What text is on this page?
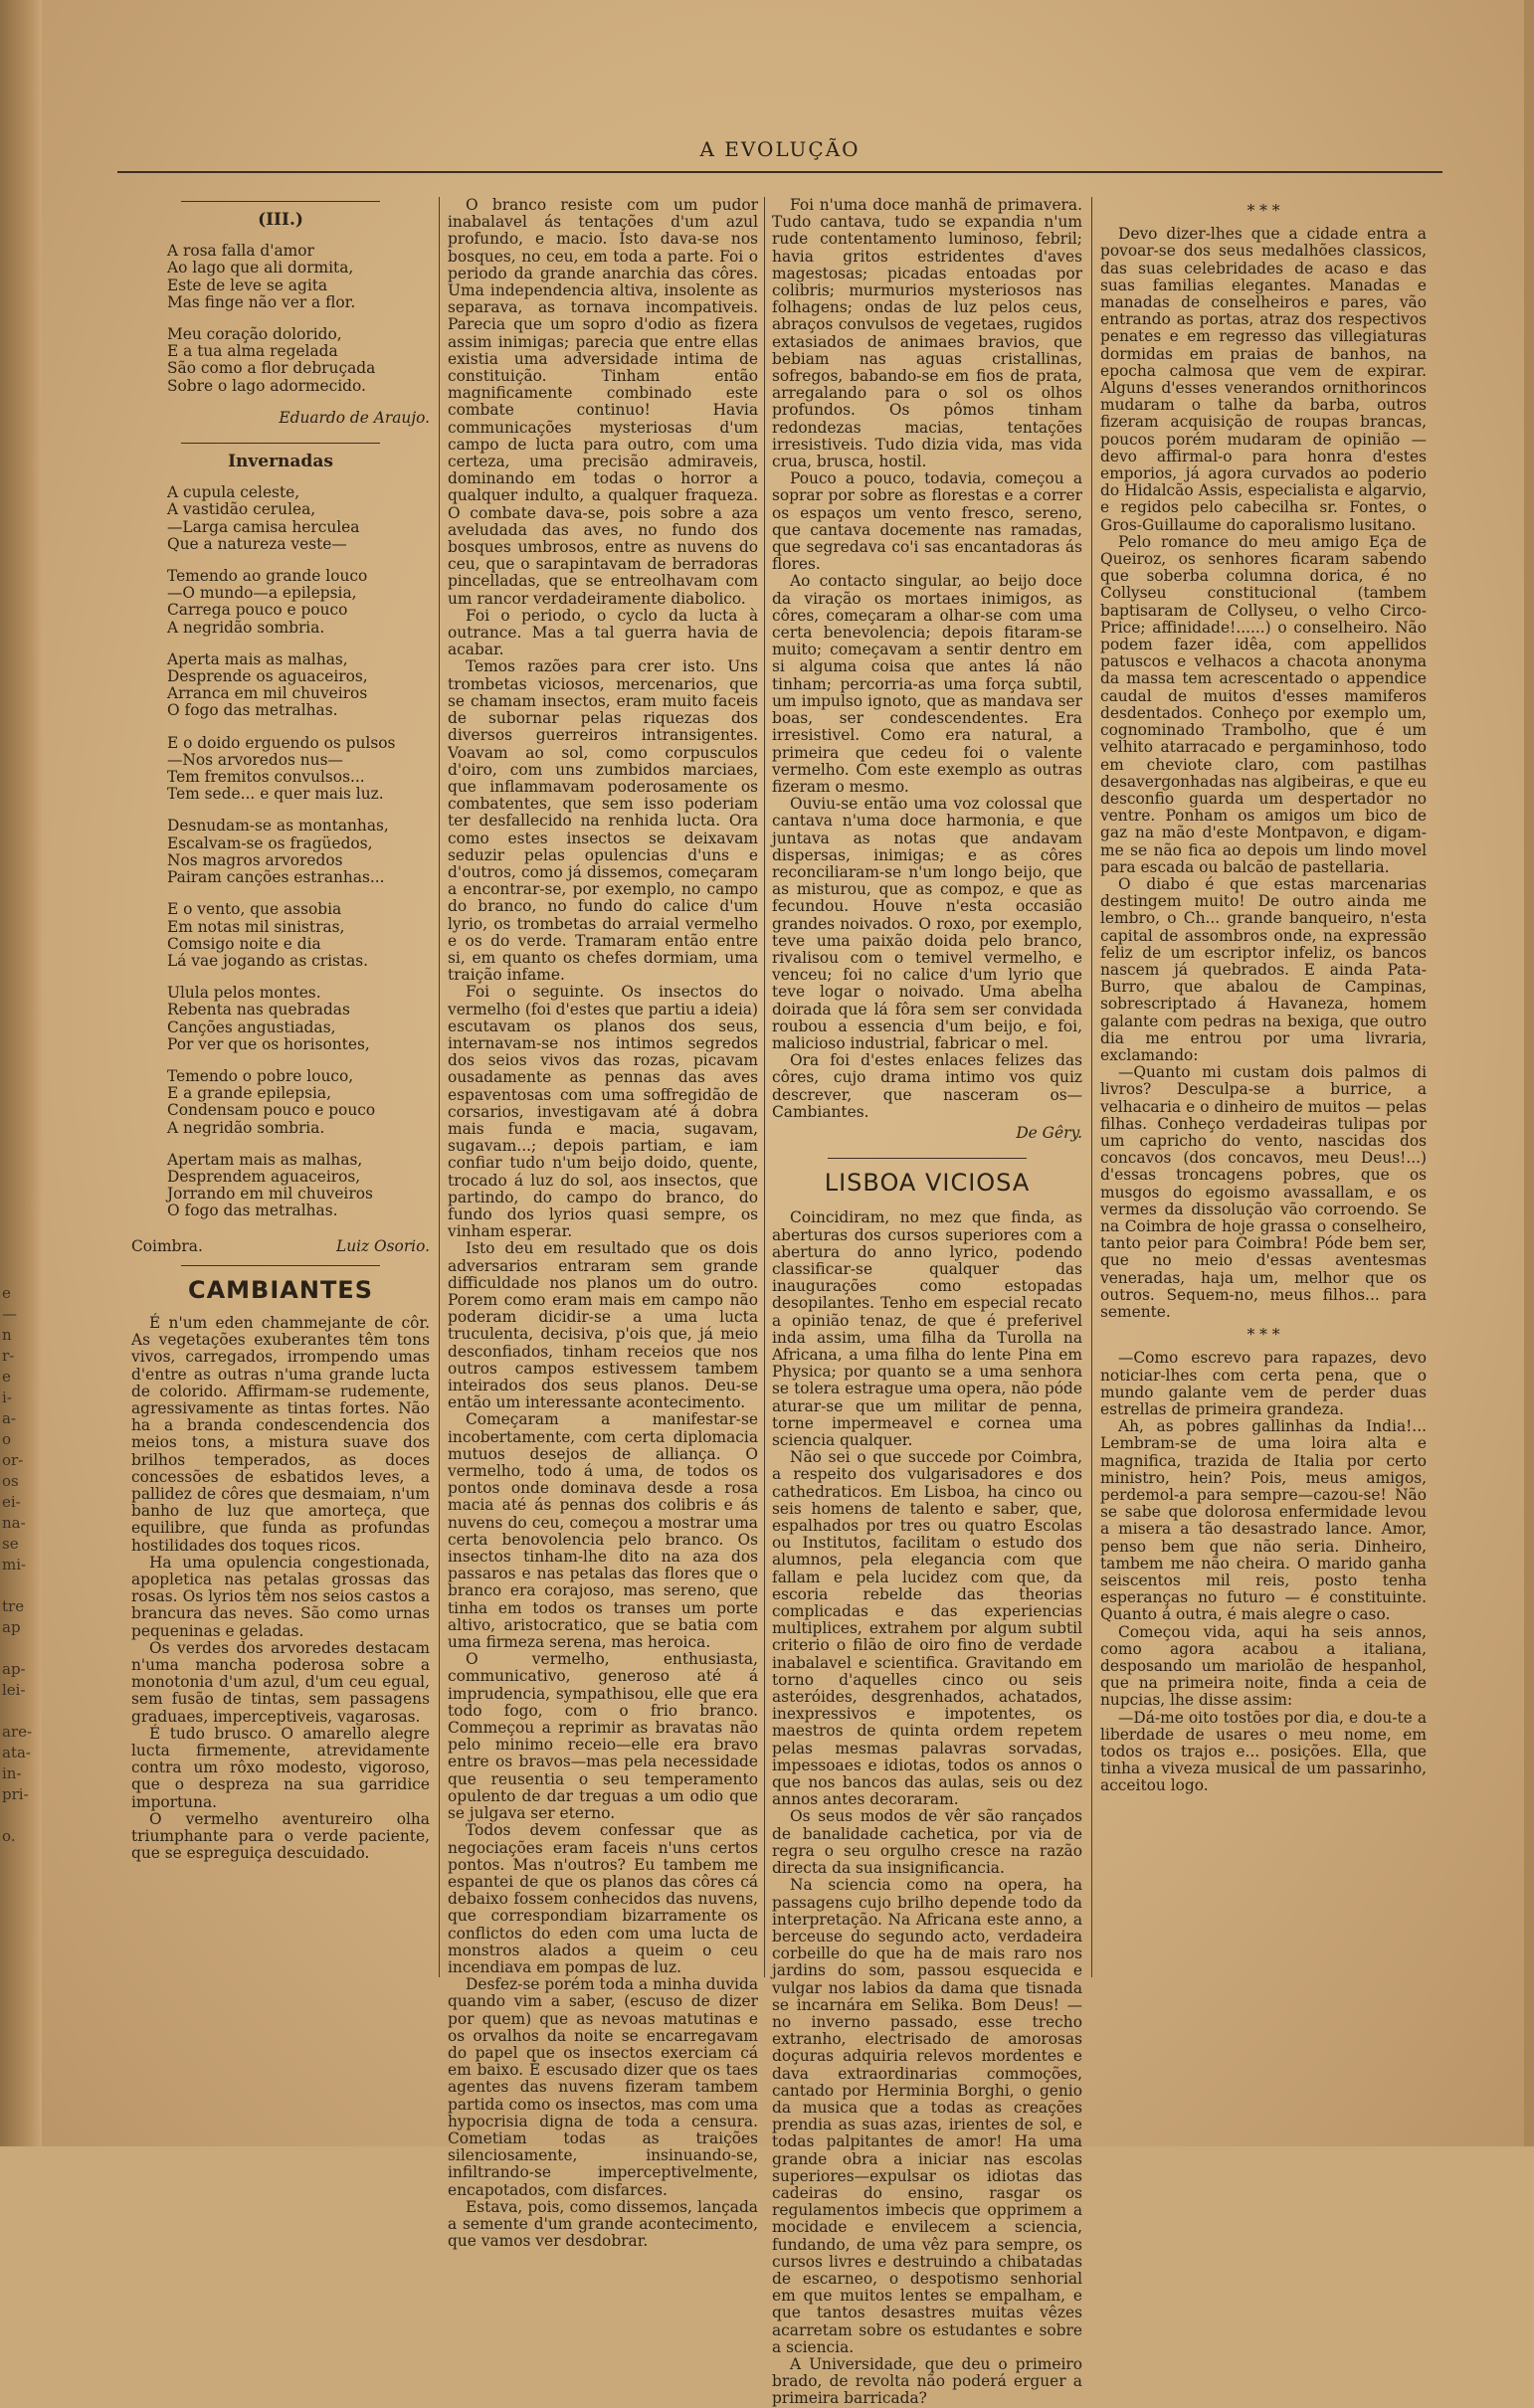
e
—
n
r-
e
i-
a-
o
or-
os
ei-
na-
se
mi-
tre
ap
ap-
lei-
are-
ata-
in-
pri-
o.
A EVOLUÇÃO
(III.)
A rosa falla d'amor
Ao lago que ali dormita,
Este de leve se agita
Mas finge não ver a flor.
Meu coração dolorido,
E a tua alma regelada
São como a flor debruçada
Sobre o lago adormecido.
Eduardo de Araujo.
Invernadas
A cupula celeste,
A vastidão cerulea,
—Larga camisa herculea
Que a natureza veste—
Temendo ao grande louco
—O mundo—a epilepsia,
Carrega pouco e pouco
A negridão sombria.
Aperta mais as malhas,
Desprende os aguaceiros,
Arranca em mil chuveiros
O fogo das metralhas.
E o doido erguendo os pulsos
—Nos arvoredos nus—
Tem fremitos convulsos...
Tem sede... e quer mais luz.
Desnudam-se as montanhas,
Escalvam-se os fragüedos,
Nos magros arvoredos
Pairam canções estranhas...
E o vento, que assobia
Em notas mil sinistras,
Comsigo noite e dia
Lá vae jogando as cristas.
Ulula pelos montes.
Rebenta nas quebradas
Canções angustiadas,
Por ver que os horisontes,
Temendo o pobre louco,
E a grande epilepsia,
Condensam pouco e pouco
A negridão sombria.
Apertam mais as malhas,
Desprendem aguaceiros,
Jorrando em mil chuveiros
O fogo das metralhas.
Coimbra.	Luiz Osorio.
CAMBIANTES

É n'um eden chammejante de côr. As vegetações exuberantes têm tons vivos, carregados, irrompendo umas d'entre as outras n'uma grande lucta de colorido. Affirmam-se rudemente, agressivamente as tintas fortes. Não ha a branda condescendencia dos meios tons, a mistura suave dos brilhos temperados, as doces concessões de esbatidos leves, a pallidez de côres que desmaiam, n'um banho de luz que amorteça, que equilibre, que funda as profundas hostilidades dos toques ricos.

Ha uma opulencia congestionada, apopletica nas petalas grossas das rosas. Os lyrios têm nos seios castos a brancura das neves. São como urnas pequeninas e geladas.

Os verdes dos arvoredes destacam n'uma mancha poderosa sobre a monotonia d'um azul, d'um ceu egual, sem fusão de tintas, sem passagens graduaes, imperceptiveis, vagarosas.

É tudo brusco. O amarello alegre lucta firmemente, atrevidamente contra um rôxo modesto, vigoroso, que o despreza na sua garridice importuna.

O vermelho aventureiro olha triumphante para o verde paciente, que se espreguiça descuidado.

O branco resiste com um pudor inabalavel ás tentações d'um azul profundo, e macio. Isto dava-se nos bosques, no ceu, em toda a parte. Foi o periodo da grande anarchia das côres. Uma independencia altiva, insolente as separava, as tornava incompativeis. Parecia que um sopro d'odio as fizera assim inimigas; parecia que entre ellas existia uma adversidade intima de constituição. Tinham então magnificamente combinado este combate continuo! Havia communicações mysteriosas d'um campo de lucta para outro, com uma certeza, uma precisão admiraveis, dominando em todas o horror a qualquer indulto, a qualquer fraqueza. O combate dava-se, pois sobre a aza aveludada das aves, no fundo dos bosques umbrosos, entre as nuvens do ceu, que o sarapintavam de berradoras pincelladas, que se entreolhavam com um rancor verdadeiramente diabolico.

Foi o periodo, o cyclo da lucta à outrance. Mas a tal guerra havia de acabar.

Temos razões para crer isto. Uns trombetas viciosos, mercenarios, que se chamam insectos, eram muito faceis de subornar pelas riquezas dos diversos guerreiros intransigentes. Voavam ao sol, como corpusculos d'oiro, com uns zumbidos marciaes, que inflammavam poderosamente os combatentes, que sem isso poderiam ter desfallecido na renhida lucta. Ora como estes insectos se deixavam seduzir pelas opulencias d'uns e d'outros, como já dissemos, começaram a encontrar-se, por exemplo, no campo do branco, no fundo do calice d'um lyrio, os trombetas do arraial vermelho e os do verde. Tramaram então entre si, em quanto os chefes dormiam, uma traição infame.

Foi o seguinte. Os insectos do vermelho (foi d'estes que partiu a ideia) escutavam os planos dos seus, internavam-se nos intimos segredos dos seios vivos das rozas, picavam ousadamente as pennas das aves espaventosas com uma soffregidão de corsarios, investigavam até á dobra mais funda e macia, sugavam, sugavam...; depois partiam, e iam confiar tudo n'um beijo doido, quente, trocado á luz do sol, aos insectos, que partindo, do campo do branco, do fundo dos lyrios quasi sempre, os vinham esperar.

Isto deu em resultado que os dois adversarios entraram sem grande difficuldade nos planos um do outro. Porem como eram mais em campo não poderam dicidir-se a uma lucta truculenta, decisiva, p'ois que, já meio desconfiados, tinham receios que nos outros campos estivessem tambem inteirados dos seus planos. Deu-se então um interessante acontecimento.

Começaram a manifestar-se incobertamente, com certa diplomacia mutuos desejos de alliança. O vermelho, todo á uma, de todos os pontos onde dominava desde a rosa macia até ás pennas dos colibris e ás nuvens do ceu, começou a mostrar uma certa benovolencia pelo branco. Os insectos tinham-lhe dito na aza dos passaros e nas petalas das flores que o branco era corajoso, mas sereno, que tinha em todos os transes um porte altivo, aristocratico, que se batia com uma firmeza serena, mas heroica.

O vermelho, enthusiasta, communicativo, generoso até á imprudencia, sympathisou, elle que era todo fogo, com o frio branco. Commeçou a reprimir as bravatas não pelo minimo receio—elle era bravo entre os bravos—mas pela necessidade que reusentia o seu temperamento opulento de dar treguas a um odio que se julgava ser eterno.

Todos devem confessar que as negociações eram faceis n'uns certos pontos. Mas n'outros? Eu tambem me espantei de que os planos das côres cá debaixo fossem conhecidos das nuvens, que correspondiam bizarramente os conflictos do eden com uma lucta de monstros alados a queim o ceu incendiava em pompas de luz.

Desfez-se porém toda a minha duvida quando vim a saber, (escuso de dizer por quem) que as nevoas matutinas e os orvalhos da noite se encarregavam do papel que os insectos exerciam cá em baixo. É escusado dizer que os taes agentes das nuvens fizeram tambem partida como os insectos, mas com uma hypocrisia digna de toda a censura. Cometiam todas as traições silenciosamente, insinuando-se, infiltrando-se imperceptivelmente, encapotados, com disfarces.

Estava, pois, como dissemos, lançada a semente d'um grande acontecimento, que vamos ver desdobrar.

Foi n'uma doce manhã de primavera. Tudo cantava, tudo se expandia n'um rude contentamento luminoso, febril; havia gritos estridentes d'aves magestosas; picadas entoadas por colibris; murmurios mysteriosos nas folhagens; ondas de luz pelos ceus, abraços convulsos de vegetaes, rugidos extasiados de animaes bravios, que bebiam nas aguas cristallinas, sofregos, babando-se em fios de prata, arregalando para o sol os olhos profundos. Os pômos tinham redondezas macias, tentações irresistiveis. Tudo dizia vida, mas vida crua, brusca, hostil.

Pouco a pouco, todavia, começou a soprar por sobre as florestas e a correr os espaços um vento fresco, sereno, que cantava docemente nas ramadas, que segredava co'i sas encantadoras ás flores.

Ao contacto singular, ao beijo doce da viração os mortaes inimigos, as côres, começaram a olhar-se com uma certa benevolencia; depois fitaram-se muito; começavam a sentir dentro em si alguma coisa que antes lá não tinham; percorria-as uma força subtil, um impulso ignoto, que as mandava ser boas, ser condescendentes. Era irresistivel. Como era natural, a primeira que cedeu foi o valente vermelho. Com este exemplo as outras fizeram o mesmo.

Ouviu-se então uma voz colossal que cantava n'uma doce harmonia, e que juntava as notas que andavam dispersas, inimigas; e as côres reconciliaram-se n'um longo beijo, que as misturou, que as compoz, e que as fecundou. Houve n'esta occasião grandes noivados. O roxo, por exemplo, teve uma paixão doida pelo branco, rivalisou com o temivel vermelho, e venceu; foi no calice d'um lyrio que teve logar o noivado. Uma abelha doirada que lá fôra sem ser convidada roubou a essencia d'um beijo, e foi, malicioso industrial, fabricar o mel.

Ora foi d'estes enlaces felizes das côres, cujo drama intimo vos quiz descrever, que nasceram os—Cambiantes.

De Gêry.
LISBOA VICIOSA

Coincidiram, no mez que finda, as aberturas dos cursos superiores com a abertura do anno lyrico, podendo classificar-se qualquer das inaugurações como estopadas desopilantes. Tenho em especial recato a opinião tenaz, de que é preferivel inda assim, uma filha da Turolla na Africana, a uma filha do lente Pina em Physica; por quanto se a uma senhora se tolera estrague uma opera, não póde aturar-se que um militar de penna, torne impermeavel e cornea uma sciencia qualquer.

Não sei o que succede por Coimbra, a respeito dos vulgarisadores e dos cathedraticos. Em Lisboa, ha cinco ou seis homens de talento e saber, que, espalhados por tres ou quatro Escolas ou Institutos, facilitam o estudo dos alumnos, pela elegancia com que fallam e pela lucidez com que, da escoria rebelde das theorias complicadas e das experiencias multiplices, extrahem por algum subtil criterio o filão de oiro fino de verdade inabalavel e scientifica. Gravitando em torno d'aquelles cinco ou seis asteróides, desgrenhados, achatados, inexpressivos e impotentes, os maestros de quinta ordem repetem pelas mesmas palavras sorvadas, impessoaes e idiotas, todos os annos o que nos bancos das aulas, seis ou dez annos antes decoraram.

Os seus modos de vêr são rançados de banalidade cachetica, por via de regra o seu orgulho cresce na razão directa da sua insignificancia.

Na sciencia como na opera, ha passagens cujo brilho depende todo da interpretação. Na Africana este anno, a berceuse do segundo acto, verdadeira corbeille do que ha de mais raro nos jardins do som, passou esquecida e vulgar nos labios da dama que tisnada se incarnára em Selika. Bom Deus! —no inverno passado, esse trecho extranho, electrisado de amorosas doçuras adquiria relevos mordentes e dava extraordinarias commoções, cantado por Herminia Borghi, o genio da musica que a todas as creações prendia as suas azas, irientes de sol, e todas palpitantes de amor! Ha uma grande obra a iniciar nas escolas superiores—expulsar os idiotas das cadeiras do ensino, rasgar os regulamentos imbecis que opprimem a mocidade e envilecem a sciencia, fundando, de uma vêz para sempre, os cursos livres e destruindo a chibatadas de escarneo, o despotismo senhorial em que muitos lentes se empalham, e que tantos desastres muitas vêzes acarretam sobre os estudantes e sobre a sciencia.

A Universidade, que deu o primeiro brado, de revolta não poderá erguer a primeira barricada?

* * *

Devo dizer-lhes que a cidade entra a povoar-se dos seus medalhões classicos, das suas celebridades de acaso e das suas familias elegantes. Manadas e manadas de conselheiros e pares, vão entrando as portas, atraz dos respectivos penates e em regresso das villegiaturas dormidas em praias de banhos, na epocha calmosa que vem de expirar. Alguns d'esses venerandos ornithorincos mudaram o talhe da barba, outros fizeram acquisição de roupas brancas, poucos porém mudaram de opinião — devo affirmal-o para honra d'estes emporios, já agora curvados ao poderio do Hidalcão Assis, especialista e algarvio, e regidos pelo cabecilha sr. Fontes, o Gros-Guillaume do caporalismo lusitano.

Pelo romance do meu amigo Eça de Queiroz, os senhores ficaram sabendo que soberba columna dorica, é no Collyseu constitucional (tambem baptisaram de Collyseu, o velho Circo-Price; affinidade!......) o conselheiro. Não podem fazer idêa, com appellidos patuscos e velhacos a chacota anonyma da massa tem acrescentado o appendice caudal de muitos d'esses mamiferos desdentados. Conheço por exemplo um, cognominado Trambolho, que é um velhito atarracado e pergaminhoso, todo em cheviote claro, com pastilhas desavergonhadas nas algibeiras, e que eu desconfio guarda um despertador no ventre. Ponham os amigos um bico de gaz na mão d'este Montpavon, e digam-me se não fica ao depois um lindo movel para escada ou balcão de pastellaria.

O diabo é que estas marcenarias destingem muito! De outro ainda me lembro, o Ch... grande banqueiro, n'esta capital de assombros onde, na expressão feliz de um escriptor infeliz, os bancos nascem já quebrados. E ainda Pata-Burro, que abalou de Campinas, sobrescriptado á Havaneza, homem galante com pedras na bexiga, que outro dia me entrou por uma livraria, exclamando:

—Quanto mi custam dois palmos di livros? Desculpa-se a burrice, a velhacaria e o dinheiro de muitos — pelas filhas. Conheço verdadeiras tulipas por um capricho do vento, nascidas dos concavos (dos concavos, meu Deus!...) d'essas troncagens pobres, que os musgos do egoismo avassallam, e os vermes da dissolução vão corroendo. Se na Coimbra de hoje grassa o conselheiro, tanto peior para Coimbra! Póde bem ser, que no meio d'essas aventesmas veneradas, haja um, melhor que os outros. Sequem-no, meus filhos... para semente.

* * *

—Como escrevo para rapazes, devo noticiar-lhes com certa pena, que o mundo galante vem de perder duas estrellas de primeira grandeza.

Ah, as pobres gallinhas da India!... Lembram-se de uma loira alta e magnifica, trazida de Italia por certo ministro, hein? Pois, meus amigos, perdemol-a para sempre—cazou-se! Não se sabe que dolorosa enfermidade levou a misera a tão desastrado lance. Amor, penso bem que não seria. Dinheiro, tambem me não cheira. O marido ganha seiscentos mil reis, posto tenha esperanças no futuro — é constituinte. Quanto á outra, é mais alegre o caso.

Começou vida, aqui ha seis annos, como agora acabou a italiana, desposando um mariolão de hespanhol, que na primeira noite, finda a ceia de nupcias, lhe disse assim:

—Dá-me oito tostões por dia, e dou-te a liberdade de usares o meu nome, em todos os trajos e... posições. Ella, que tinha a viveza musical de um passarinho, acceitou logo.
